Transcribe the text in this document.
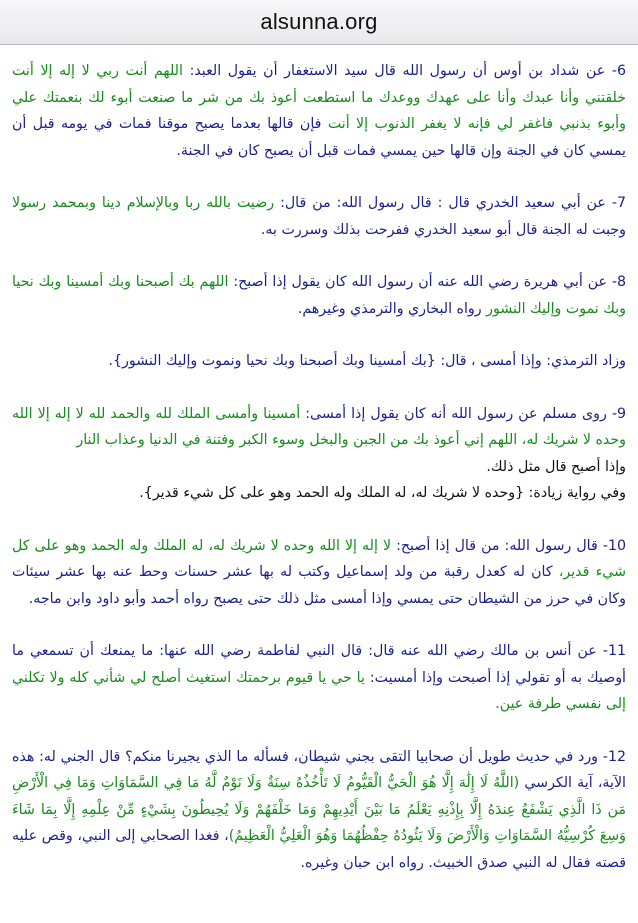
alsunna.org

6- عن شداد بن أوس أن رسول الله قال سيد الاستغفار أن يقول العبد: اللهم أنت ربي لا إله إلا أنت خلقتني وأنا عبدك وأنا على عهدك ووعدك ما استطعت أعوذ بك من شر ما صنعت أبوء لك بنعمتك علي وأبوء بذنبي فاغفر لي فإنه لا يغفر الذنوب إلا أنت فإن قالها بعدما يصبح موقنا فمات في يومه قبل أن يمسي كان في الجنة وإن قالها حين يمسي فمات قبل أن يصبح كان في الجنة.

7- عن أبي سعيد الخدري قال : قال رسول الله: من قال: رضيت بالله ربا وبالإسلام دينا وبمحمد رسولا وجبت له الجنة قال أبو سعيد الخدري ففرحت بذلك وسررت به.

8- عن أبي هريرة رضي الله عنه أن رسول الله كان يقول إذا أصبح: اللهم بك أصبحنا وبك أمسينا وبك نحيا وبك نموت وإليك النشور رواه البخاري والترمذي وغيرهم.

وزاد الترمذي: وإذا أمسى ، قال: {بك أمسينا وبك أصبحنا وبك نحيا ونموت وإليك النشور}.

9- روى مسلم عن رسول الله أنه كان يقول إذا أمسى: أمسينا وأمسى الملك لله والحمد لله لا إله إلا الله وحده لا شريك له، اللهم إني أعوذ بك من الجبن والبخل وسوء الكبر وفتنة في الدنيا وعذاب النار
وإذا أصبح قال مثل ذلك.
وفي رواية زيادة: {وحده لا شريك له، له الملك وله الحمد وهو على كل شيء قدير}.

10- قال رسول الله: من قال إذا أصبح: لا إله إلا الله وحده لا شريك له، له الملك وله الحمد وهو على كل شيء قدير، كان له كعدل رقبة من ولد إسماعيل وكتب له بها عشر حسنات وحط عنه بها عشر سيئات وكان في حرز من الشيطان حتى يمسي وإذا أمسى مثل ذلك حتى يصبح رواه أحمد وأبو داود وابن ماجه.

11- عن أنس بن مالك رضي الله عنه قال: قال النبي لفاطمة رضي الله عنها: ما يمنعك أن تسمعي ما أوصيك به أو تقولي إذا أصبحت وإذا أمسيت: يا حي يا قيوم برحمتك استغيث أصلح لي شأني كله ولا تكلني إلى نفسي طرفة عين.

12- ورد في حديث طويل أن صحابيا التقى بجني شيطان، فسأله ما الذي يجيرنا منكم؟ قال الجني له: هذه الآية، آية الكرسي (اللَّهُ لَا إِلَٰهَ إِلَّا هُوَ الْحَيُّ الْقَيُّومُ لَا تَأْخُذُهُ سِنَةٌ وَلَا نَوْمٌ لَّهُ مَا فِي السَّمَاوَاتِ وَمَا فِي الْأَرْضِ مَن ذَا الَّذِي يَشْفَعُ عِندَهُ إِلَّا بِإِذْنِهِ يَعْلَمُ مَا بَيْنَ أَيْدِيهِمْ وَمَا خَلْفَهُمْ وَلَا يُحِيطُونَ بِشَيْءٍ مِّنْ عِلْمِهِ إِلَّا بِمَا شَاءَ وَسِعَ كُرْسِيُّهُ السَّمَاوَاتِ وَالْأَرْضَ وَلَا يَئُودُهُ حِفْظُهُمَا وَهُوَ الْعَلِيُّ الْعَظِيمُ)، فغدا الصحابي إلى النبي، وقص عليه قصته فقال له النبي صدق الخبيث. رواه ابن حبان وغيره.
